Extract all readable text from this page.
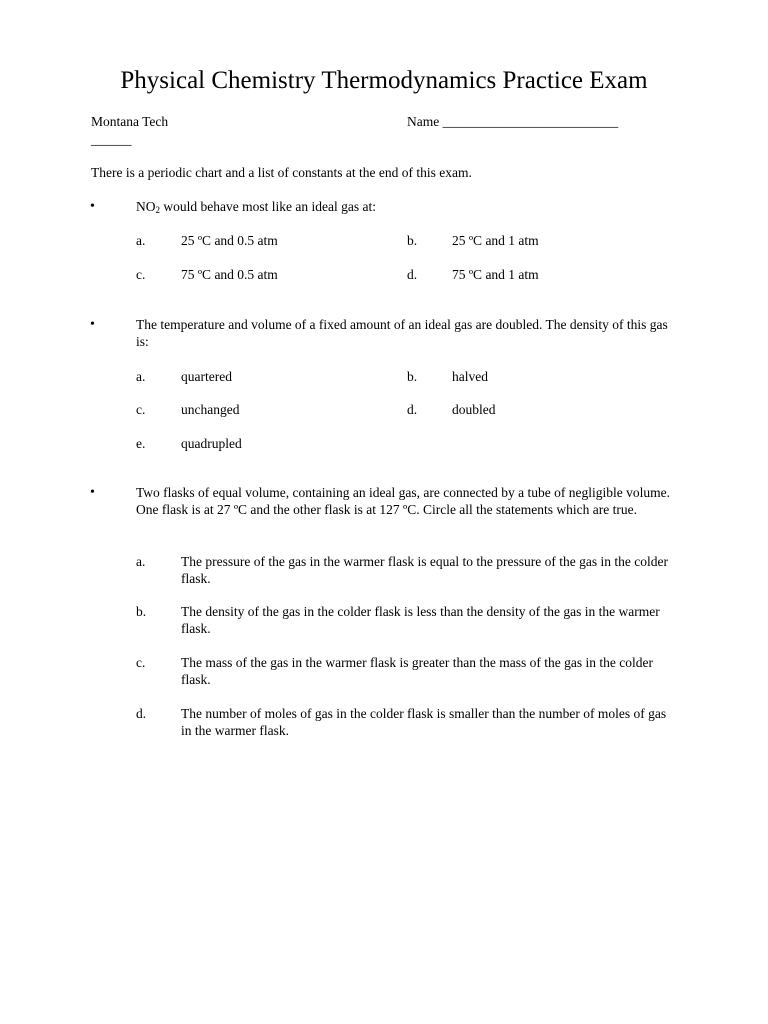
Physical Chemistry Thermodynamics Practice Exam
Montana Tech	Name __________________________
______
There is a periodic chart and a list of constants at the end of this exam.
•	$NO_2$ would behave most like an ideal gas at:
a.	25 ºC and 0.5 atm	b.	25 ºC and 1 atm
c.	75 ºC and 0.5 atm	d.	75 ºC and 1 atm
•	The temperature and volume of a fixed amount of an ideal gas are doubled. The density of this gas is:
a.	quartered	b.	halved
c.	unchanged	d.	doubled
e.	quadrupled
•	Two flasks of equal volume, containing an ideal gas, are connected by a tube of negligible volume. One flask is at 27 ºC and the other flask is at 127 ºC. Circle all the statements which are true.
a.	The pressure of the gas in the warmer flask is equal to the pressure of the gas in the colder flask.
b.	The density of the gas in the colder flask is less than the density of the gas in the warmer flask.
c.	The mass of the gas in the warmer flask is greater than the mass of the gas in the colder flask.
d.	The number of moles of gas in the colder flask is smaller than the number of moles of gas in the warmer flask.
